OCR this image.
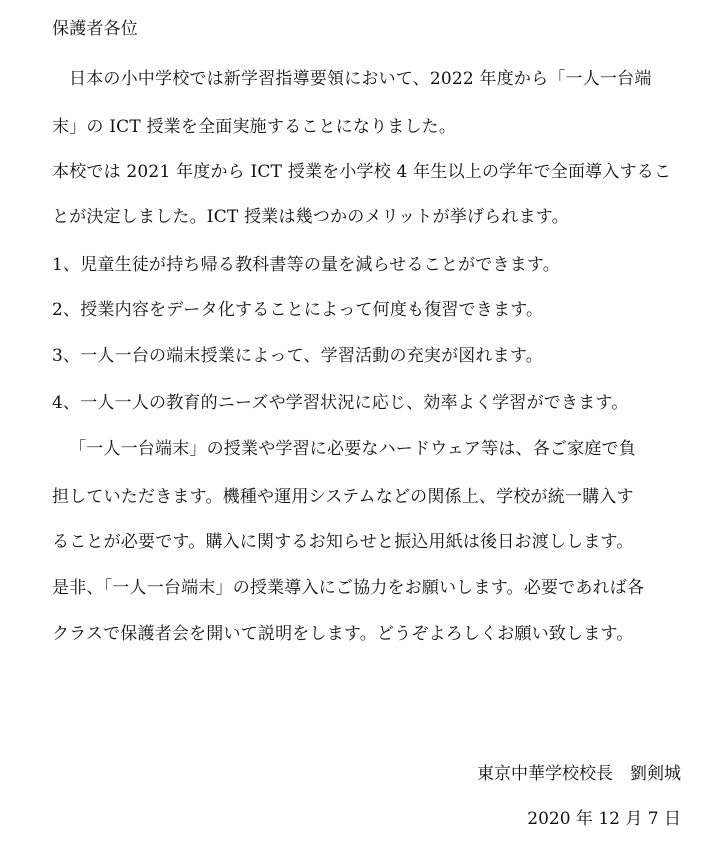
保護者各位
日本の小中学校では新学習指導要領において、2022 年度から「一人一台端
末」の ICT 授業を全面実施することになりました。
本校では 2021 年度から ICT 授業を小学校 4 年生以上の学年で全面導入するこ
とが決定しました。ICT 授業は幾つかのメリットが挙げられます。
1、児童生徒が持ち帰る教科書等の量を減らせることができます。
2、授業内容をデータ化することによって何度も復習できます。
3、一人一台の端末授業によって、学習活動の充実が図れます。
4、一人一人の教育的ニーズや学習状況に応じ、効率よく学習ができます。
「一人一台端末」の授業や学習に必要なハードウェア等は、各ご家庭で負
担していただきます。機種や運用システムなどの関係上、学校が統一購入す
ることが必要です。購入に関するお知らせと振込用紙は後日お渡しします。
是非、「一人一台端末」の授業導入にご協力をお願いします。必要であれば各
クラスで保護者会を開いて説明をします。どうぞよろしくお願い致します。
東京中華学校校長　劉剣城
2020 年 12 月 7 日
